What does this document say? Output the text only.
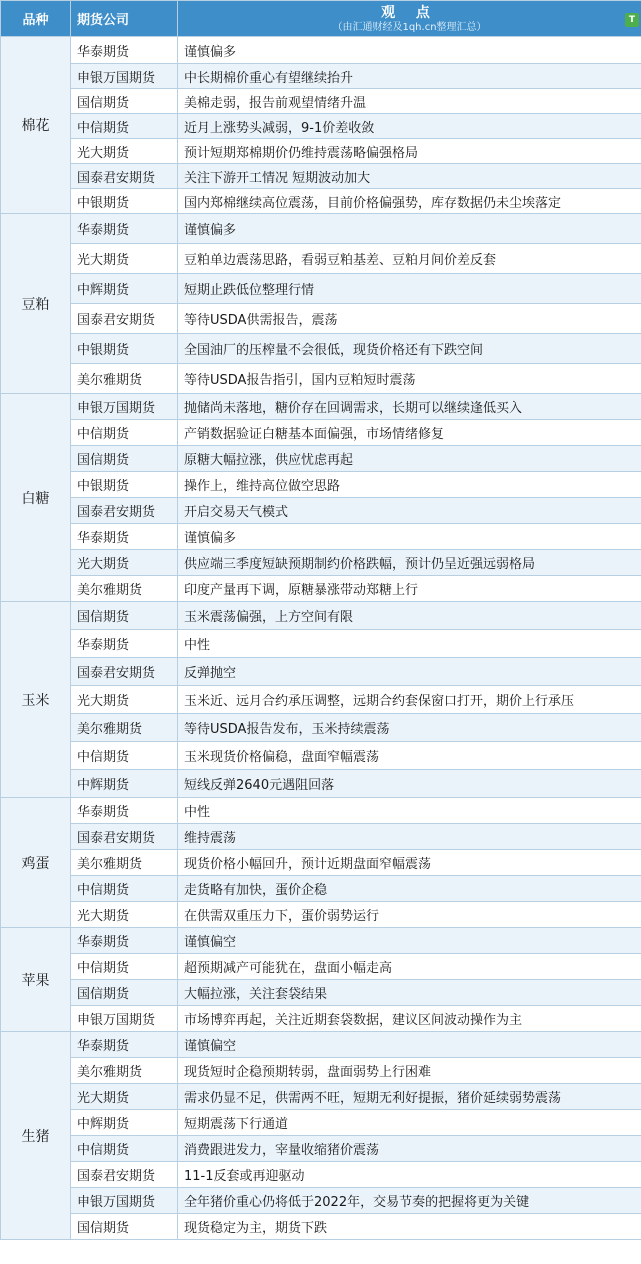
品种	期货公司	观 点
（由汇通财经及1qh.cn整理汇总）
T

棉花	华泰期货	谨慎偏多
	申银万国期货	中长期棉价重心有望继续抬升
	国信期货	美棉走弱，报告前观望情绪升温
	中信期货	近月上涨势头减弱，9-1价差收敛
	光大期货	预计短期郑棉期价仍维持震荡略偏强格局
	国泰君安期货	关注下游开工情况 短期波动加大
	中银期货	国内郑棉继续高位震荡，目前价格偏强势，库存数据仍未尘埃落定
豆粕	华泰期货	谨慎偏多
	光大期货	豆粕单边震荡思路，看弱豆粕基差、豆粕月间价差反套
	中辉期货	短期止跌低位整理行情
	国泰君安期货	等待USDA供需报告，震荡
	中银期货	全国油厂的压榨量不会很低，现货价格还有下跌空间
	美尔雅期货	等待USDA报告指引，国内豆粕短时震荡
白糖	申银万国期货	抛储尚未落地，糖价存在回调需求，长期可以继续逢低买入
	中信期货	产销数据验证白糖基本面偏强，市场情绪修复
	国信期货	原糖大幅拉涨，供应忧虑再起
	中银期货	操作上，维持高位做空思路
	国泰君安期货	开启交易天气模式
	华泰期货	谨慎偏多
	光大期货	供应端三季度短缺预期制约价格跌幅，预计仍呈近强远弱格局
	美尔雅期货	印度产量再下调，原糖暴涨带动郑糖上行
玉米	国信期货	玉米震荡偏强，上方空间有限
	华泰期货	中性
	国泰君安期货	反弹抛空
	光大期货	玉米近、远月合约承压调整，远期合约套保窗口打开，期价上行承压
	美尔雅期货	等待USDA报告发布，玉米持续震荡
	中信期货	玉米现货价格偏稳，盘面窄幅震荡
	中辉期货	短线反弹2640元遇阻回落
鸡蛋	华泰期货	中性
	国泰君安期货	维持震荡
	美尔雅期货	现货价格小幅回升，预计近期盘面窄幅震荡
	中信期货	走货略有加快，蛋价企稳
	光大期货	在供需双重压力下，蛋价弱势运行
苹果	华泰期货	谨慎偏空
	中信期货	超预期减产可能犹在，盘面小幅走高
	国信期货	大幅拉涨，关注套袋结果
	申银万国期货	市场博弈再起，关注近期套袋数据，建议区间波动操作为主
生猪	华泰期货	谨慎偏空
	美尔雅期货	现货短时企稳预期转弱，盘面弱势上行困难
	光大期货	需求仍显不足，供需两不旺，短期无利好提振，猪价延续弱势震荡
	中辉期货	短期震荡下行通道
	中信期货	消费跟进发力，宰量收缩猪价震荡
	国泰君安期货	11-1反套或再迎驱动
	申银万国期货	全年猪价重心仍将低于2022年，交易节奏的把握将更为关键
	国信期货	现货稳定为主，期货下跌
